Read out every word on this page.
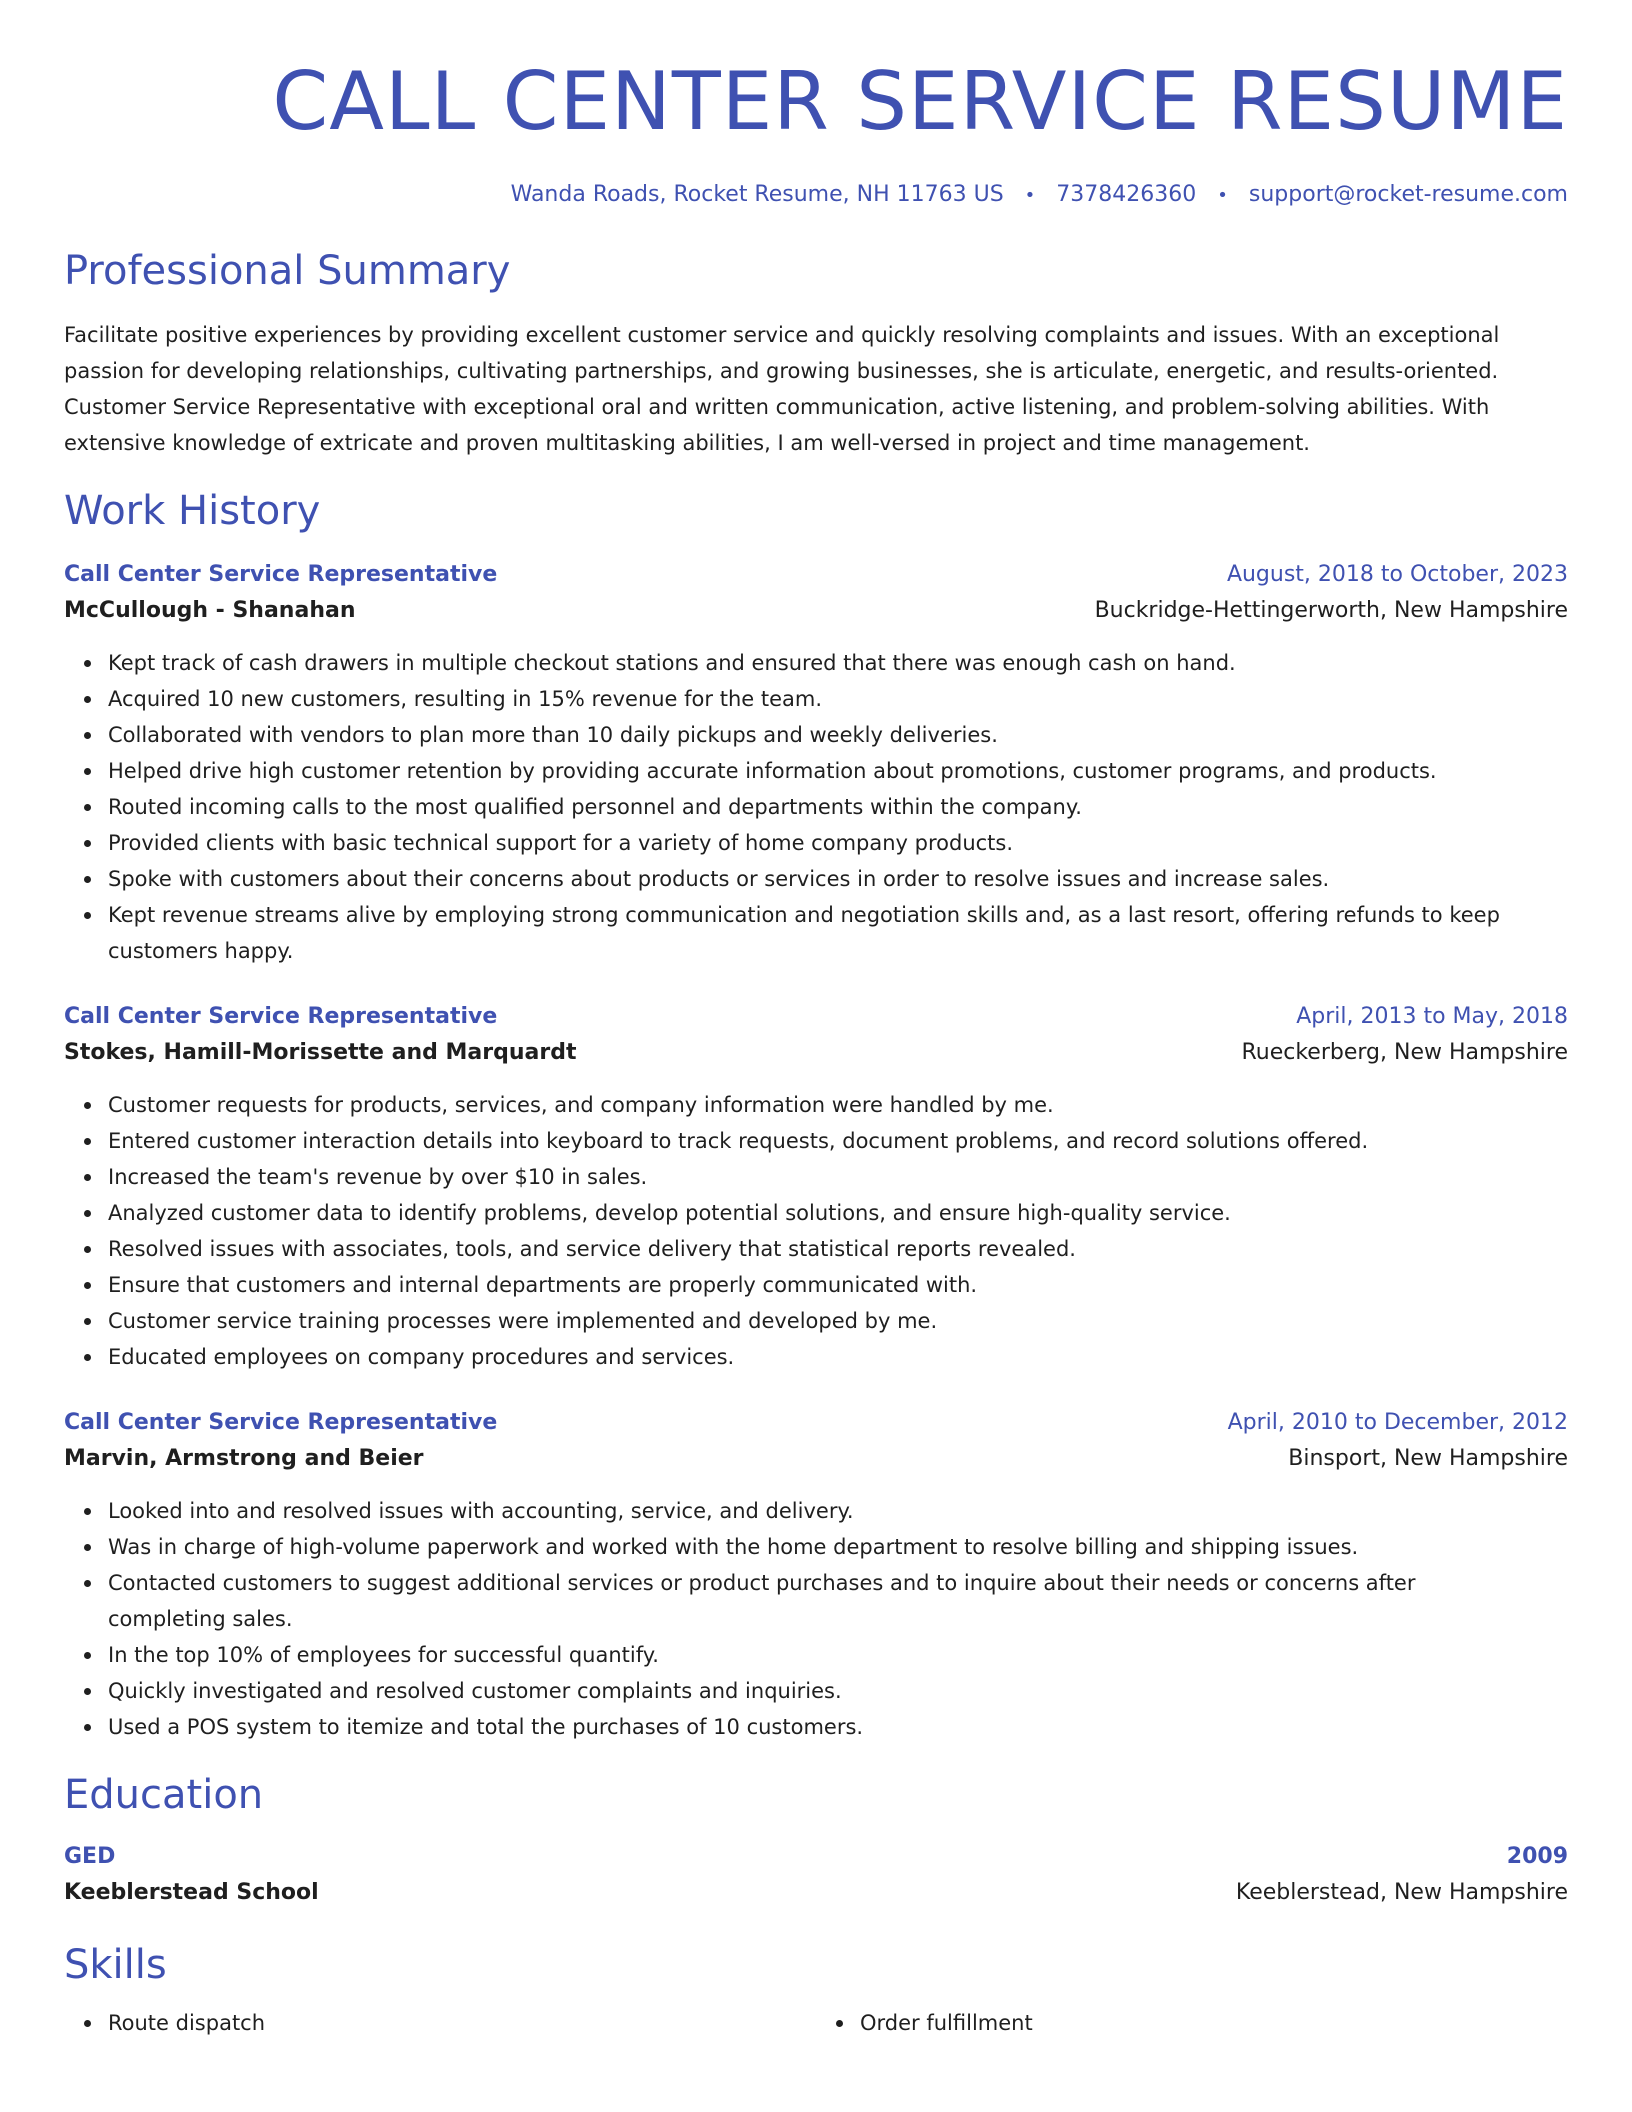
CALL CENTER SERVICE RESUME
Wanda Roads, Rocket Resume, NH 11763 US • 7378426360 • support@rocket-resume.com
Professional Summary
Facilitate positive experiences by providing excellent customer service and quickly resolving complaints and issues. With an exceptional passion for developing relationships, cultivating partnerships, and growing businesses, she is articulate, energetic, and results-oriented. Customer Service Representative with exceptional oral and written communication, active listening, and problem-solving abilities. With extensive knowledge of extricate and proven multitasking abilities, I am well-versed in project and time management.
Work History
Call Center Service Representative	August, 2018 to October, 2023
McCullough - Shanahan	Buckridge-Hettingerworth, New Hampshire
Kept track of cash drawers in multiple checkout stations and ensured that there was enough cash on hand.
Acquired 10 new customers, resulting in 15% revenue for the team.
Collaborated with vendors to plan more than 10 daily pickups and weekly deliveries.
Helped drive high customer retention by providing accurate information about promotions, customer programs, and products.
Routed incoming calls to the most qualified personnel and departments within the company.
Provided clients with basic technical support for a variety of home company products.
Spoke with customers about their concerns about products or services in order to resolve issues and increase sales.
Kept revenue streams alive by employing strong communication and negotiation skills and, as a last resort, offering refunds to keep customers happy.
Call Center Service Representative	April, 2013 to May, 2018
Stokes, Hamill-Morissette and Marquardt	Rueckerberg, New Hampshire
Customer requests for products, services, and company information were handled by me.
Entered customer interaction details into keyboard to track requests, document problems, and record solutions offered.
Increased the team's revenue by over $10 in sales.
Analyzed customer data to identify problems, develop potential solutions, and ensure high-quality service.
Resolved issues with associates, tools, and service delivery that statistical reports revealed.
Ensure that customers and internal departments are properly communicated with.
Customer service training processes were implemented and developed by me.
Educated employees on company procedures and services.
Call Center Service Representative	April, 2010 to December, 2012
Marvin, Armstrong and Beier	Binsport, New Hampshire
Looked into and resolved issues with accounting, service, and delivery.
Was in charge of high-volume paperwork and worked with the home department to resolve billing and shipping issues.
Contacted customers to suggest additional services or product purchases and to inquire about their needs or concerns after completing sales.
In the top 10% of employees for successful quantify.
Quickly investigated and resolved customer complaints and inquiries.
Used a POS system to itemize and total the purchases of 10 customers.
Education
GED	2009
Keeblerstead School	Keeblerstead, New Hampshire
Skills
Route dispatch	Order fulfillment
